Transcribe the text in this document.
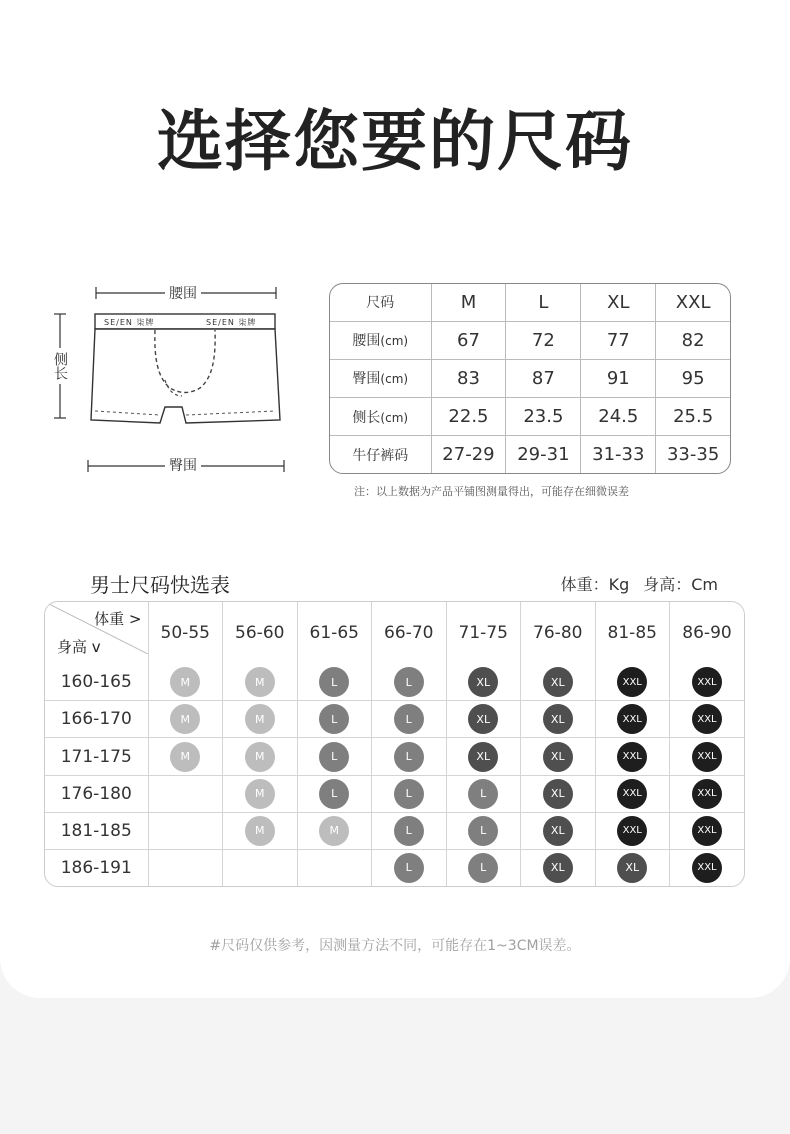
选择您要的尺码
腰围
臀围
侧长
SE∕EN 柒牌	SE∕EN 柒牌
尺码	M	L	XL	XXL
腰围(cm)	67	72	77	82
臀围(cm)	83	87	91	95
侧长(cm)	22.5	23.5	24.5	25.5
牛仔裤码	27-29	29-31	31-33	33-35
注：以上数据为产品平铺图测量得出，可能存在细微误差
男士尺码快选表	体重：Kg 身高：Cm
体重 >
身高 v	50-55	56-60	61-65	66-70	71-75	76-80	81-85	86-90
160-165	M	M	L	L	XL	XL	XXL	XXL
166-170	M	M	L	L	XL	XL	XXL	XXL
171-175	M	M	L	L	XL	XL	XXL	XXL
176-180		M	L	L	L	XL	XXL	XXL
181-185		M	M	L	L	XL	XXL	XXL
186-191				L	L	XL	XL	XXL
#尺码仅供参考，因测量方法不同，可能存在1~3CM误差。
